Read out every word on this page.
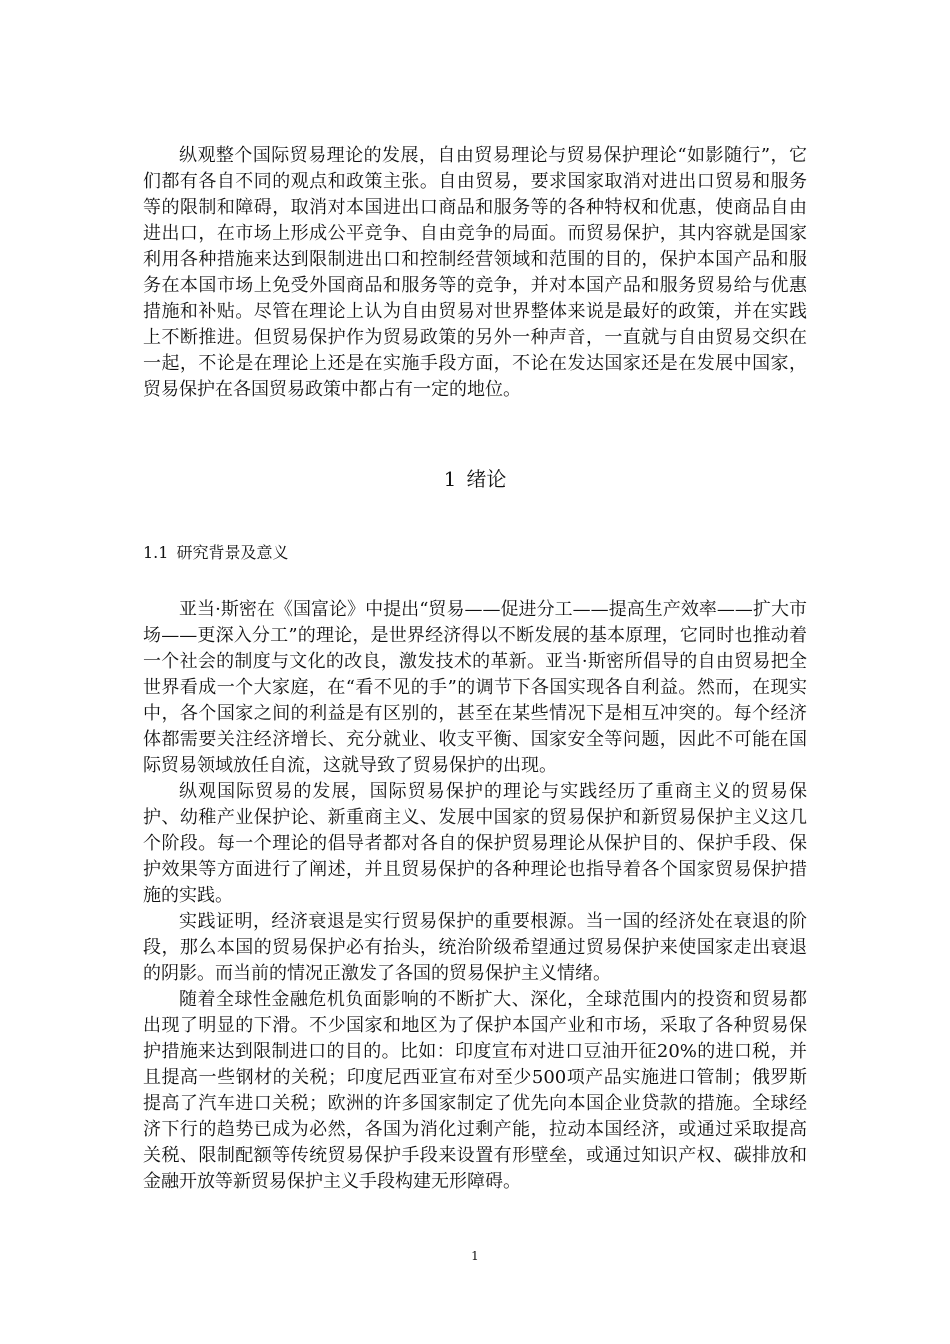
纵观整个国际贸易理论的发展，自由贸易理论与贸易保护理论“如影随行”，它们都有各自不同的观点和政策主张。自由贸易，要求国家取消对进出口贸易和服务等的限制和障碍，取消对本国进出口商品和服务等的各种特权和优惠，使商品自由进出口，在市场上形成公平竞争、自由竞争的局面。而贸易保护，其内容就是国家利用各种措施来达到限制进出口和控制经营领域和范围的目的，保护本国产品和服务在本国市场上免受外国商品和服务等的竞争，并对本国产品和服务贸易给与优惠措施和补贴。尽管在理论上认为自由贸易对世界整体来说是最好的政策，并在实践上不断推进。但贸易保护作为贸易政策的另外一种声音，一直就与自由贸易交织在一起，不论是在理论上还是在实施手段方面，不论在发达国家还是在发展中国家，贸易保护在各国贸易政策中都占有一定的地位。

1 绪论
1.1 研究背景及意义

亚当·斯密在《国富论》中提出“贸易——促进分工——提高生产效率——扩大市场——更深入分工”的理论，是世界经济得以不断发展的基本原理，它同时也推动着一个社会的制度与文化的改良，激发技术的革新。亚当·斯密所倡导的自由贸易把全世界看成一个大家庭，在“看不见的手”的调节下各国实现各自利益。然而，在现实中，各个国家之间的利益是有区别的，甚至在某些情况下是相互冲突的。每个经济体都需要关注经济增长、充分就业、收支平衡、国家安全等问题，因此不可能在国际贸易领域放任自流，这就导致了贸易保护的出现。

纵观国际贸易的发展，国际贸易保护的理论与实践经历了重商主义的贸易保护、幼稚产业保护论、新重商主义、发展中国家的贸易保护和新贸易保护主义这几个阶段。每一个理论的倡导者都对各自的保护贸易理论从保护目的、保护手段、保护效果等方面进行了阐述，并且贸易保护的各种理论也指导着各个国家贸易保护措施的实践。

实践证明，经济衰退是实行贸易保护的重要根源。当一国的经济处在衰退的阶段，那么本国的贸易保护必有抬头，统治阶级希望通过贸易保护来使国家走出衰退的阴影。而当前的情况正激发了各国的贸易保护主义情绪。

随着全球性金融危机负面影响的不断扩大、深化，全球范围内的投资和贸易都出现了明显的下滑。不少国家和地区为了保护本国产业和市场，采取了各种贸易保护措施来达到限制进口的目的。比如：印度宣布对进口豆油开征20%的进口税，并且提高一些钢材的关税；印度尼西亚宣布对至少500项产品实施进口管制；俄罗斯提高了汽车进口关税；欧洲的许多国家制定了优先向本国企业贷款的措施。全球经济下行的趋势已成为必然，各国为消化过剩产能，拉动本国经济，或通过采取提高关税、限制配额等传统贸易保护手段来设置有形壁垒，或通过知识产权、碳排放和金融开放等新贸易保护主义手段构建无形障碍。

1
